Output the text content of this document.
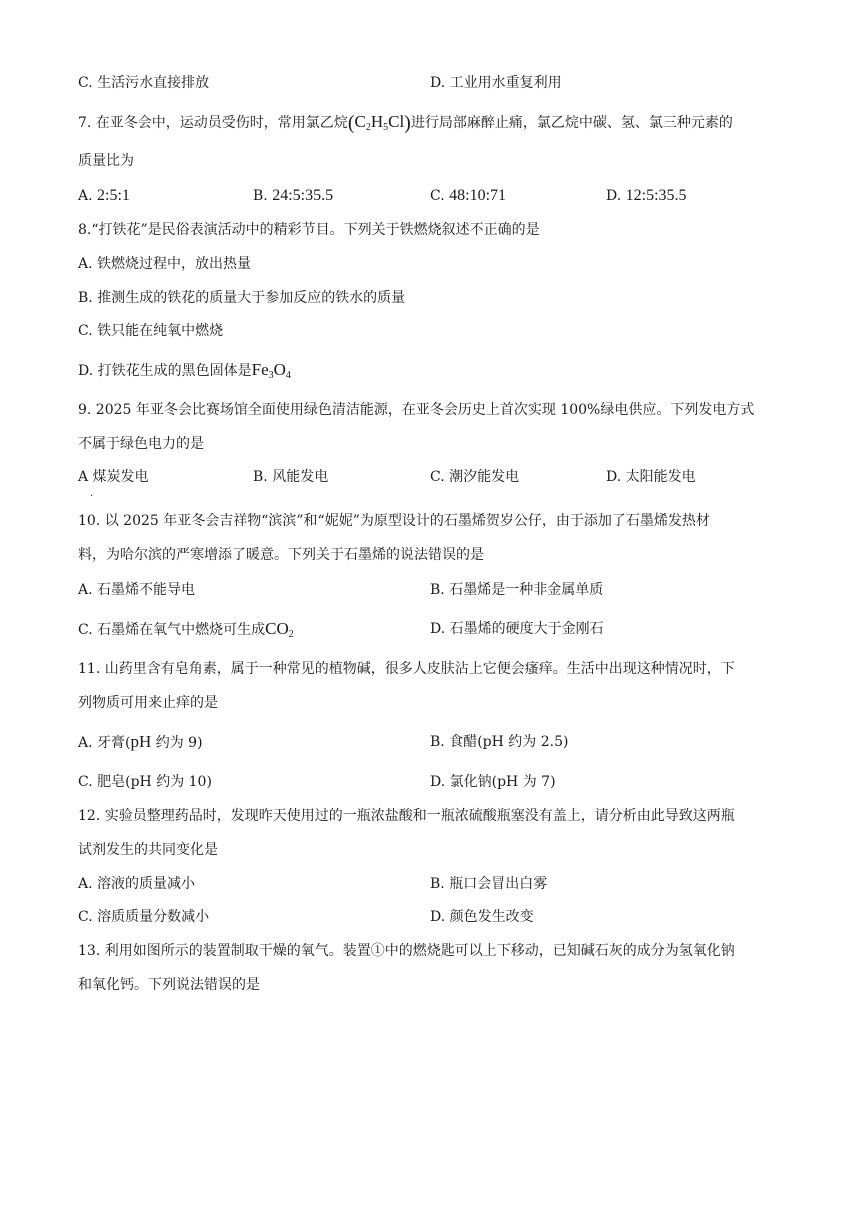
C. 生活污水直接排放	D. 工业用水重复利用
7. 在亚冬会中，运动员受伤时，常用氯乙烷$(C_2H_5Cl)$进行局部麻醉止痛，氯乙烷中碳、氢、氯三种元素的
质量比为
A. 2:5:1	B. 24:5:35.5	C. 48:10:71	D. 12:5:35.5
8.“打铁花”是民俗表演活动中的精彩节目。下列关于铁燃烧叙述不正确的是
A. 铁燃烧过程中，放出热量
B. 推测生成的铁花的质量大于参加反应的铁水的质量
C. 铁只能在纯氧中燃烧
D. 打铁花生成的黑色固体是$Fe_3O_4$
9. 2025 年亚冬会比赛场馆全面使用绿色清洁能源，在亚冬会历史上首次实现 100%绿电供应。下列发电方式
不属于绿色电力的是
A 煤炭发电
.
B. 风能发电	C. 潮汐能发电	D. 太阳能发电
10. 以 2025 年亚冬会吉祥物“滨滨”和“妮妮”为原型设计的石墨烯贺岁公仔，由于添加了石墨烯发热材
料，为哈尔滨的严寒增添了暖意。下列关于石墨烯的说法错误的是
A. 石墨烯不能导电	B. 石墨烯是一种非金属单质
C. 石墨烯在氧气中燃烧可生成$CO_2$	D. 石墨烯的硬度大于金刚石
11. 山药里含有皂角素，属于一种常见的植物碱，很多人皮肤沾上它便会瘙痒。生活中出现这种情况时，下
列物质可用来止痒的是
A. 牙膏(pH 约为 9)	B. 食醋(pH 约为 2.5)
C. 肥皂(pH 约为 10)	D. 氯化钠(pH 为 7)
12. 实验员整理药品时，发现昨天使用过的一瓶浓盐酸和一瓶浓硫酸瓶塞没有盖上，请分析由此导致这两瓶
试剂发生的共同变化是
A. 溶液的质量减小	B. 瓶口会冒出白雾
C. 溶质质量分数减小	D. 颜色发生改变
13. 利用如图所示的装置制取干燥的氧气。装置①中的燃烧匙可以上下移动，已知碱石灰的成分为氢氧化钠
和氧化钙。下列说法错误的是
